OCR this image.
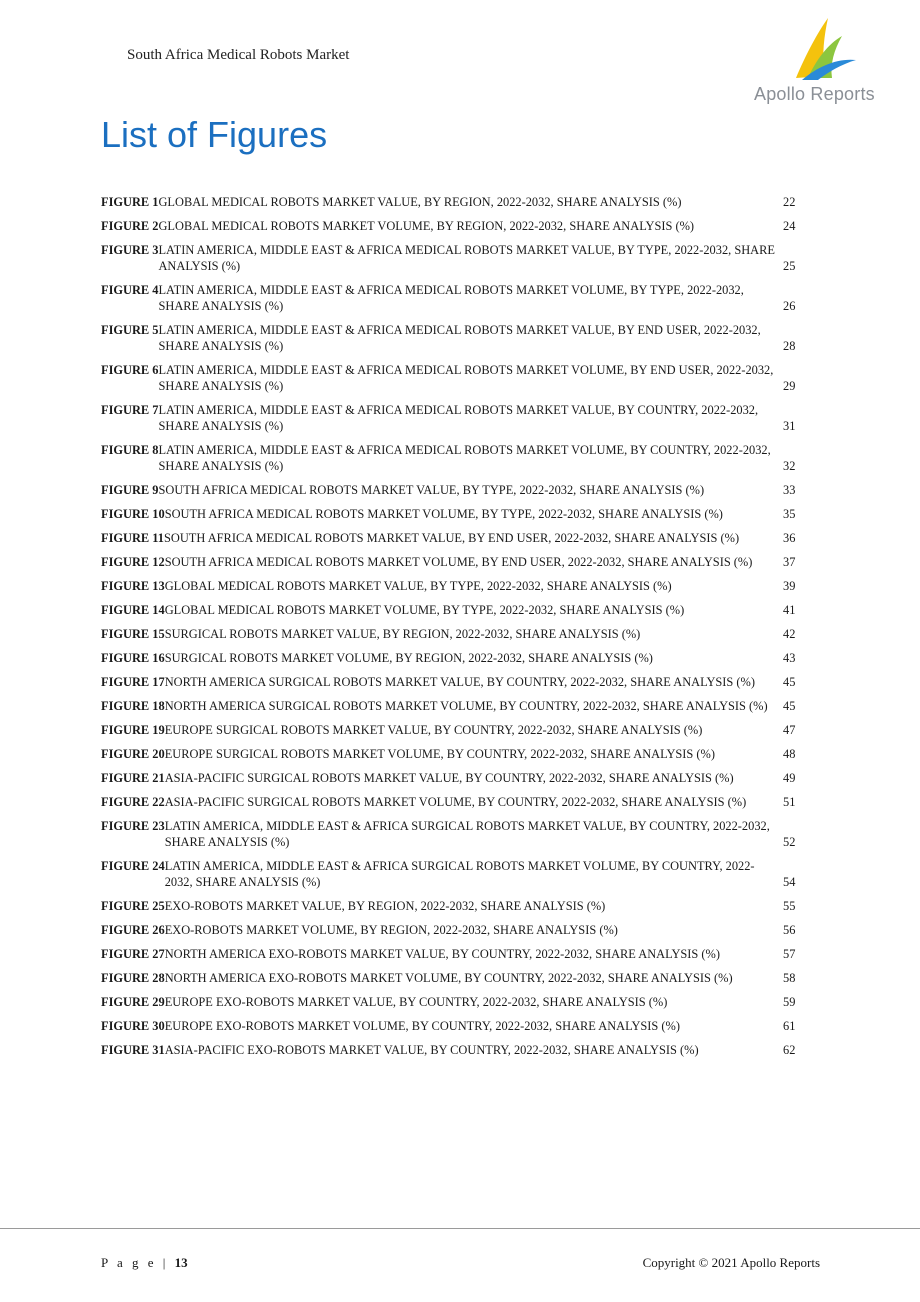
South Africa Medical Robots Market
Apollo Reports
List of Figures
FIGURE 1 GLOBAL MEDICAL ROBOTS MARKET VALUE, BY REGION, 2022-2032, SHARE ANALYSIS (%)	22
FIGURE 2 GLOBAL MEDICAL ROBOTS MARKET VOLUME, BY REGION, 2022-2032, SHARE ANALYSIS (%)	24
FIGURE 3 LATIN AMERICA, MIDDLE EAST & AFRICA MEDICAL ROBOTS MARKET VALUE, BY TYPE, 2022-2032, SHARE ANALYSIS (%)	25
FIGURE 4 LATIN AMERICA, MIDDLE EAST & AFRICA MEDICAL ROBOTS MARKET VOLUME, BY TYPE, 2022-2032, SHARE ANALYSIS (%)	26
FIGURE 5 LATIN AMERICA, MIDDLE EAST & AFRICA MEDICAL ROBOTS MARKET VALUE, BY END USER, 2022-2032, SHARE ANALYSIS (%)	28
FIGURE 6 LATIN AMERICA, MIDDLE EAST & AFRICA MEDICAL ROBOTS MARKET VOLUME, BY END USER, 2022-2032, SHARE ANALYSIS (%)	29
FIGURE 7 LATIN AMERICA, MIDDLE EAST & AFRICA MEDICAL ROBOTS MARKET VALUE, BY COUNTRY, 2022-2032, SHARE ANALYSIS (%)	31
FIGURE 8 LATIN AMERICA, MIDDLE EAST & AFRICA MEDICAL ROBOTS MARKET VOLUME, BY COUNTRY, 2022-2032, SHARE ANALYSIS (%)	32
FIGURE 9 SOUTH AFRICA MEDICAL ROBOTS MARKET VALUE, BY TYPE, 2022-2032, SHARE ANALYSIS (%)	33
FIGURE 10 SOUTH AFRICA MEDICAL ROBOTS MARKET VOLUME, BY TYPE, 2022-2032, SHARE ANALYSIS (%)	35
FIGURE 11 SOUTH AFRICA MEDICAL ROBOTS MARKET VALUE, BY END USER, 2022-2032, SHARE ANALYSIS (%)	36
FIGURE 12 SOUTH AFRICA MEDICAL ROBOTS MARKET VOLUME, BY END USER, 2022-2032, SHARE ANALYSIS (%)	37
FIGURE 13 GLOBAL MEDICAL ROBOTS MARKET VALUE, BY TYPE, 2022-2032, SHARE ANALYSIS (%)	39
FIGURE 14 GLOBAL MEDICAL ROBOTS MARKET VOLUME, BY TYPE, 2022-2032, SHARE ANALYSIS (%)	41
FIGURE 15 SURGICAL ROBOTS MARKET VALUE, BY REGION, 2022-2032, SHARE ANALYSIS (%)	42
FIGURE 16 SURGICAL ROBOTS MARKET VOLUME, BY REGION, 2022-2032, SHARE ANALYSIS (%)	43
FIGURE 17 NORTH AMERICA SURGICAL ROBOTS MARKET VALUE, BY COUNTRY, 2022-2032, SHARE ANALYSIS (%)	45
FIGURE 18 NORTH AMERICA SURGICAL ROBOTS MARKET VOLUME, BY COUNTRY, 2022-2032, SHARE ANALYSIS (%)	45
FIGURE 19 EUROPE SURGICAL ROBOTS MARKET VALUE, BY COUNTRY, 2022-2032, SHARE ANALYSIS (%)	47
FIGURE 20 EUROPE SURGICAL ROBOTS MARKET VOLUME, BY COUNTRY, 2022-2032, SHARE ANALYSIS (%)	48
FIGURE 21 ASIA-PACIFIC SURGICAL ROBOTS MARKET VALUE, BY COUNTRY, 2022-2032, SHARE ANALYSIS (%)	49
FIGURE 22 ASIA-PACIFIC SURGICAL ROBOTS MARKET VOLUME, BY COUNTRY, 2022-2032, SHARE ANALYSIS (%)	51
FIGURE 23 LATIN AMERICA, MIDDLE EAST & AFRICA SURGICAL ROBOTS MARKET VALUE, BY COUNTRY, 2022-2032, SHARE ANALYSIS (%)	52
FIGURE 24 LATIN AMERICA, MIDDLE EAST & AFRICA SURGICAL ROBOTS MARKET VOLUME, BY COUNTRY, 2022-2032, SHARE ANALYSIS (%)	54
FIGURE 25 EXO-ROBOTS MARKET VALUE, BY REGION, 2022-2032, SHARE ANALYSIS (%)	55
FIGURE 26 EXO-ROBOTS MARKET VOLUME, BY REGION, 2022-2032, SHARE ANALYSIS (%)	56
FIGURE 27 NORTH AMERICA EXO-ROBOTS MARKET VALUE, BY COUNTRY, 2022-2032, SHARE ANALYSIS (%)	57
FIGURE 28 NORTH AMERICA EXO-ROBOTS MARKET VOLUME, BY COUNTRY, 2022-2032, SHARE ANALYSIS (%)	58
FIGURE 29 EUROPE EXO-ROBOTS MARKET VALUE, BY COUNTRY, 2022-2032, SHARE ANALYSIS (%)	59
FIGURE 30 EUROPE EXO-ROBOTS MARKET VOLUME, BY COUNTRY, 2022-2032, SHARE ANALYSIS (%)	61
FIGURE 31 ASIA-PACIFIC EXO-ROBOTS MARKET VALUE, BY COUNTRY, 2022-2032, SHARE ANALYSIS (%)	62
P a g e | 13	Copyright © 2021 Apollo Reports
